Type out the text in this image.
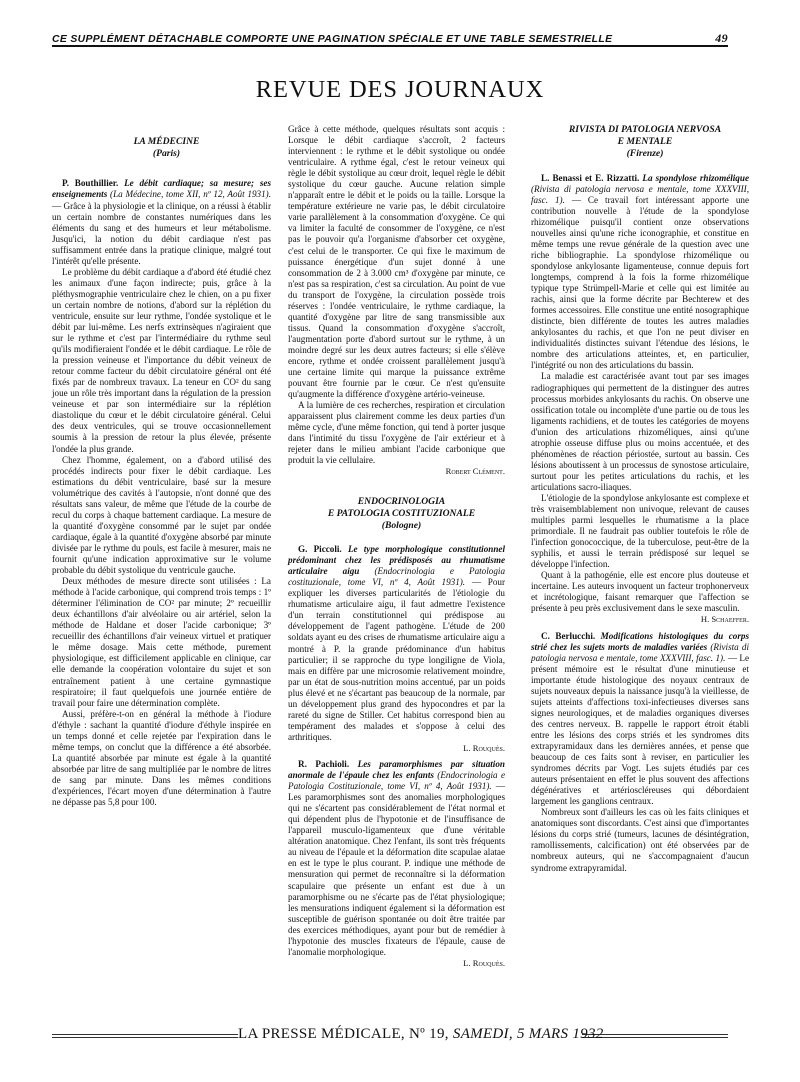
CE SUPPLÉMENT DÉTACHABLE COMPORTE UNE PAGINATION SPÉCIALE ET UNE TABLE SEMESTRIELLE	49
REVUE DES JOURNAUX

LA MÉDECINE

(Paris)

P. Bouthillier. Le débit cardiaque; sa mesure; ses enseignements (La Médecine, tome XII, nº 12, Août 1931). — Grâce à la physiologie et la clinique, on a réussi à établir un certain nombre de constantes numériques dans les éléments du sang et des humeurs et leur métabolisme. Jusqu'ici, la notion du débit cardiaque n'est pas suffisamment entrée dans la pratique clinique, malgré tout l'intérêt qu'elle présente.

Le problème du débit cardiaque a d'abord été étudié chez les animaux d'une façon indirecte; puis, grâce à la pléthysmographie ventriculaire chez le chien, on a pu fixer un certain nombre de notions, d'abord sur la réplétion du ventricule, ensuite sur leur rythme, l'ondée systolique et le débit par lui-même. Les nerfs extrinsèques n'agiraient que sur le rythme et c'est par l'intermédiaire du rythme seul qu'ils modifieraient l'ondée et le débit cardiaque. Le rôle de la pression veineuse et l'importance du débit veineux de retour comme facteur du débit circulatoire général ont été fixés par de nombreux travaux. La teneur en CO² du sang joue un rôle très important dans la régulation de la pression veineuse et par son intermédiaire sur la réplétion diastolique du cœur et le débit circulatoire général. Celui des deux ventricules, qui se trouve occasionnellement soumis à la pression de retour la plus élevée, présente l'ondée la plus grande.

Chez l'homme, également, on a d'abord utilisé des procédés indirects pour fixer le débit cardiaque. Les estimations du débit ventriculaire, basé sur la mesure volumétrique des cavités à l'autopsie, n'ont donné que des résultats sans valeur, de même que l'étude de la courbe de recul du corps à chaque battement cardiaque. La mesure de la quantité d'oxygène consommé par le sujet par ondée cardiaque, égale à la quantité d'oxygène absorbé par minute divisée par le rythme du pouls, est facile à mesurer, mais ne fournit qu'une indication approximative sur le volume probable du débit systolique du ventricule gauche.

Deux méthodes de mesure directe sont utilisées : La méthode à l'acide carbonique, qui comprend trois temps : 1º déterminer l'élimination de CO² par minute; 2º recueillir deux échantillons d'air alvéolaire ou air artériel, selon la méthode de Haldane et doser l'acide carbonique; 3º recueillir des échantillons d'air veineux virtuel et pratiquer le même dosage. Mais cette méthode, purement physiologique, est difficilement applicable en clinique, car elle demande la coopération volontaire du sujet et son entraînement patient à une certaine gymnastique respiratoire; il faut quelquefois une journée entière de travail pour faire une détermination complète.

Aussi, préfère-t-on en général la méthode à l'iodure d'éthyle : sachant la quantité d'iodure d'éthyle inspirée en un temps donné et celle rejetée par l'expiration dans le même temps, on conclut que la différence a été absorbée. La quantité absorbée par minute est égale à la quantité absorbée par litre de sang multipliée par le nombre de litres de sang par minute. Dans les mêmes conditions d'expériences, l'écart moyen d'une détermination à l'autre ne dépasse pas 5,8 pour 100.

Grâce à cette méthode, quelques résultats sont acquis : Lorsque le débit cardiaque s'accroît, 2 facteurs interviennent : le rythme et le débit systolique ou ondée ventriculaire. A rythme égal, c'est le retour veineux qui règle le débit systolique au cœur droit, lequel règle le débit systolique du cœur gauche. Aucune relation simple n'apparaît entre le débit et le poids ou la taille. Lorsque la température extérieure ne varie pas, le débit circulatoire varie parallèlement à la consommation d'oxygène. Ce qui va limiter la faculté de consommer de l'oxygène, ce n'est pas le pouvoir qu'a l'organisme d'absorber cet oxygène, c'est celui de le transporter. Ce qui fixe le maximum de puissance énergétique d'un sujet donné à une consommation de 2 à 3.000 cm³ d'oxygène par minute, ce n'est pas sa respiration, c'est sa circulation. Au point de vue du transport de l'oxygène, la circulation possède trois réserves : l'ondée ventriculaire, le rythme cardiaque, la quantité d'oxygène par litre de sang transmissible aux tissus. Quand la consommation d'oxygène s'accroît, l'augmentation porte d'abord surtout sur le rythme, à un moindre degré sur les deux autres facteurs; si elle s'élève encore, rythme et ondée croissent parallèlement jusqu'à une certaine limite qui marque la puissance extrême pouvant être fournie par le cœur. Ce n'est qu'ensuite qu'augmente la différence d'oxygène artério-veineuse.

A la lumière de ces recherches, respiration et circulation apparaissent plus clairement comme les deux parties d'un même cycle, d'une même fonction, qui tend à porter jusque dans l'intimité du tissu l'oxygène de l'air extérieur et à rejeter dans le milieu ambiant l'acide carbonique que produit la vie cellulaire.

Robert Clément.

ENDOCRINOLOGIA

E PATOLOGIA COSTITUZIONALE

(Bologne)

G. Piccoli. Le type morphologique constitutionnel prédominant chez les prédisposés au rhumatisme articulaire aigu (Endocrinologia e Patologia costituzionale, tome VI, nº 4, Août 1931). — Pour expliquer les diverses particularités de l'étiologie du rhumatisme articulaire aigu, il faut admettre l'existence d'un terrain constitutionnel qui prédispose au développement de l'agent pathogène. L'étude de 200 soldats ayant eu des crises de rhumatisme articulaire aigu a montré à P. la grande prédominance d'un habitus particulier; il se rapproche du type longiligne de Viola, mais en diffère par une microsomie relativement moindre, par un état de sous-nutrition moins accentué, par un poids plus élevé et ne s'écartant pas beaucoup de la normale, par un développement plus grand des hypocondres et par la rareté du signe de Stiller. Cet habitus correspond bien au tempérament des malades et s'oppose à celui des arthritiques.

L. Rouquès.

R. Pachioli. Les paramorphismes par situation anormale de l'épaule chez les enfants (Endocrinologia e Patologia Costituzionale, tome VI, nº 4, Août 1931). — Les paramorphismes sont des anomalies morphologiques qui ne s'écartent pas considérablement de l'état normal et qui dépendent plus de l'hypotonie et de l'insuffisance de l'appareil musculo-ligamenteux que d'une véritable altération anatomique. Chez l'enfant, ils sont très fréquents au niveau de l'épaule et la déformation dite scapulae alatae en est le type le plus courant. P. indique une méthode de mensuration qui permet de reconnaître si la déformation scapulaire que présente un enfant est due à un paramorphisme ou ne s'écarte pas de l'état physiologique; les mensurations indiquent également si la déformation est susceptible de guérison spontanée ou doit être traitée par des exercices méthodiques, ayant pour but de remédier à l'hypotonie des muscles fixateurs de l'épaule, cause de l'anomalie morphologique.

L. Rouquès.

RIVISTA DI PATOLOGIA NERVOSA

E MENTALE

(Firenze)

L. Benassi et E. Rizzatti. La spondylose rhizomélique (Rivista di patologia nervosa e mentale, tome XXXVIII, fasc. 1). — Ce travail fort intéressant apporte une contribution nouvelle à l'étude de la spondylose rhizomélique puisqu'il contient onze observations nouvelles ainsi qu'une riche iconographie, et constitue en même temps une revue générale de la question avec une riche bibliographie. La spondylose rhizomélique ou spondylose ankylosante ligamenteuse, connue depuis fort longtemps, comprend à la fois la forme rhizomélique typique type Strümpell-Marie et celle qui est limitée au rachis, ainsi que la forme décrite par Bechterew et des formes accessoires. Elle constitue une entité nosographique distincte, bien différente de toutes les autres maladies ankylosantes du rachis, et que l'on ne peut diviser en individualités distinctes suivant l'étendue des lésions, le nombre des articulations atteintes, et, en particulier, l'intégrité ou non des articulations du bassin.

La maladie est caractérisée avant tout par ses images radiographiques qui permettent de la distinguer des autres processus morbides ankylosants du rachis. On observe une ossification totale ou incomplète d'une partie ou de tous les ligaments rachidiens, et de toutes les catégories de moyens d'union des articulations rhizoméliques, ainsi qu'une atrophie osseuse diffuse plus ou moins accentuée, et des phénomènes de réaction périostée, surtout au bassin. Ces lésions aboutissent à un processus de synostose articulaire, surtout pour les petites articulations du rachis, et les articulations sacro-iliaques.

L'étiologie de la spondylose ankylosante est complexe et très vraisemblablement non univoque, relevant de causes multiples parmi lesquelles le rhumatisme a la place primordiale. Il ne faudrait pas oublier toutefois le rôle de l'infection gonococcique, de la tuberculose, peut-être de la syphilis, et aussi le terrain prédisposé sur lequel se développe l'infection.

Quant à la pathogénie, elle est encore plus douteuse et incertaine. Les auteurs invoquent un facteur trophonerveux et incrétologique, faisant remarquer que l'affection se présente à peu près exclusivement dans le sexe masculin.

H. Schaeffer.

C. Berlucchi. Modifications histologiques du corps strié chez les sujets morts de maladies variées (Rivista di patologia nervosa e mentale, tome XXXVIII, fasc. 1). — Le présent mémoire est le résultat d'une minutieuse et importante étude histologique des noyaux centraux de sujets nouveaux depuis la naissance jusqu'à la vieillesse, de sujets atteints d'affections toxi-infectieuses diverses sans signes neurologiques, et de maladies organiques diverses des centres nerveux. B. rappelle le rapport étroit établi entre les lésions des corps striés et les syndromes dits extrapyramidaux dans les dernières années, et pense que beaucoup de ces faits sont à reviser, en particulier les syndromes décrits par Vogt. Les sujets étudiés par ces auteurs présentaient en effet le plus souvent des affections dégénératives et artérioscléreuses qui débordaient largement les ganglions centraux.

Nombreux sont d'ailleurs les cas où les faits cliniques et anatomiques sont discordants. C'est ainsi que d'importantes lésions du corps strié (tumeurs, lacunes de désintégration, ramollissements, calcification) ont été observées par de nombreux auteurs, qui ne s'accompagnaient d'aucun syndrome extrapyramidal.

LA PRESSE MÉDICALE, Nº 19, SAMEDI, 5 MARS 1932
